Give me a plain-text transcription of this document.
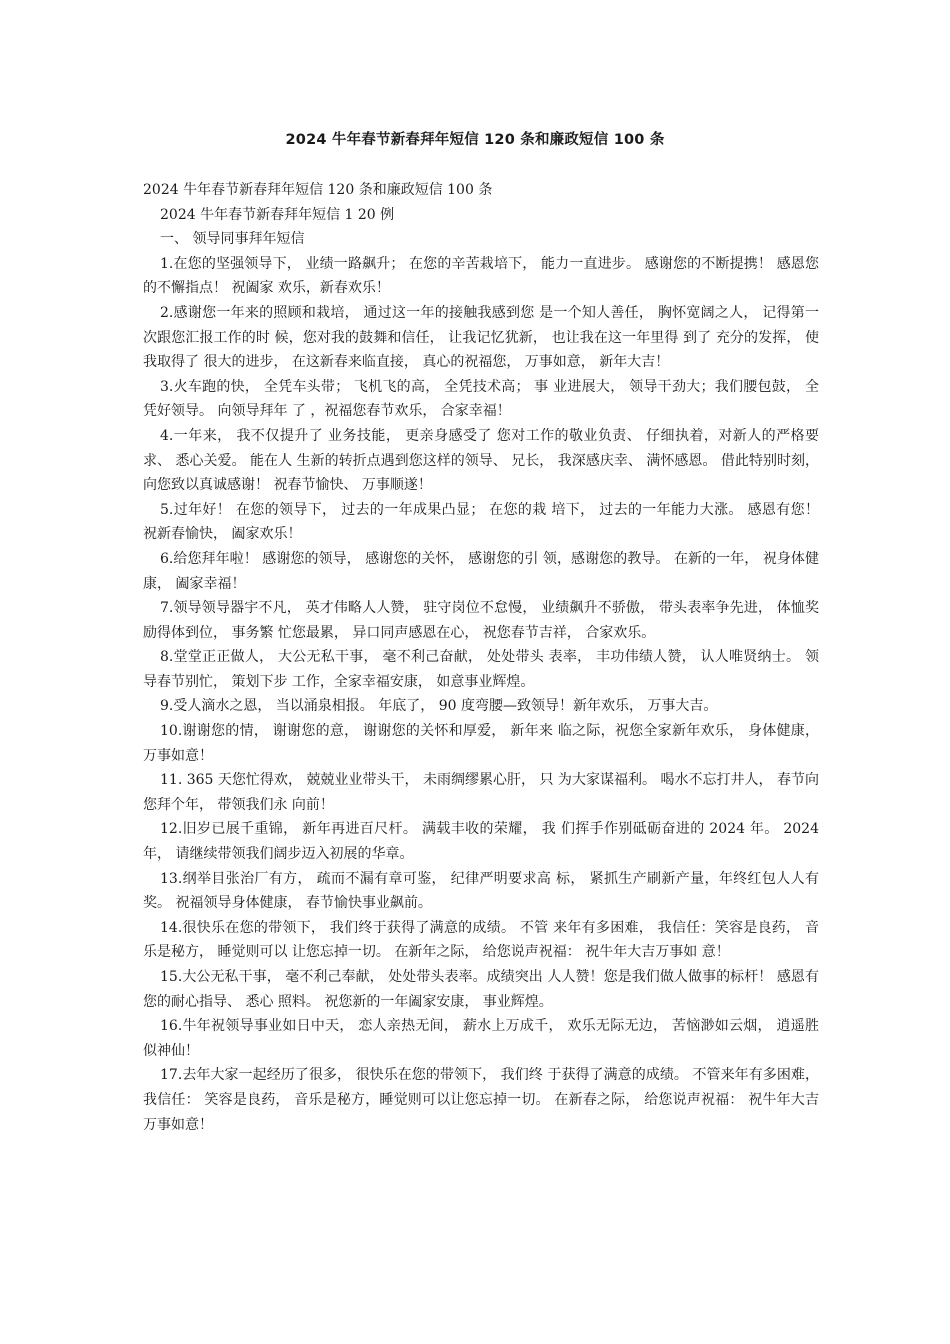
2024 牛年春节新春拜年短信 120 条和廉政短信 100 条

2024 牛年春节新春拜年短信 120 条和廉政短信 100 条

2024 牛年春节新春拜年短信 1 20 例

一、 领导同事拜年短信

1.在您的坚强领导下， 业绩一路飙升； 在您的辛苦栽培下， 能力一直进步。 感谢您的不断提携！ 感恩您的不懈指点！ 祝阖家 欢乐，新春欢乐！

2.感谢您一年来的照顾和栽培， 通过这一年的接触我感到您 是一个知人善任， 胸怀宽阔之人， 记得第一次跟您汇报工作的时 候，您对我的鼓舞和信任， 让我记忆犹新， 也让我在这一年里得 到了 充分的发挥， 使我取得了 很大的进步， 在这新春来临直接， 真心的祝福您， 万事如意， 新年大吉！

3.火车跑的快， 全凭车头带； 飞机飞的高， 全凭技术高； 事 业进展大， 领导干劲大；我们腰包鼓， 全凭好领导。 向领导拜年 了 ，祝福您春节欢乐， 合家幸福！

4.一年来， 我不仅提升了 业务技能， 更亲身感受了 您对工作的敬业负责、 仔细执着，对新人的严格要求、 悉心关爱。 能在人 生新的转折点遇到您这样的领导、 兄长， 我深感庆幸、 满怀感恩。 借此特别时刻， 向您致以真诚感谢！ 祝春节愉快、 万事顺遂！

5.过年好！ 在您的领导下， 过去的一年成果凸显； 在您的栽 培下， 过去的一年能力大涨。 感恩有您！ 祝新春愉快， 阖家欢乐！

6.给您拜年啦！ 感谢您的领导， 感谢您的关怀， 感谢您的引 领，感谢您的教导。 在新的一年， 祝身体健康， 阖家幸福！

7.领导领导器宇不凡， 英才伟略人人赞， 驻守岗位不怠慢， 业绩飙升不骄傲， 带头表率争先进， 体恤奖励得体到位， 事务繁 忙您最累， 异口同声感恩在心， 祝您春节吉祥， 合家欢乐。

8.堂堂正正做人， 大公无私干事， 毫不利己奋献， 处处带头 表率， 丰功伟绩人赞， 认人唯贤纳士。 领导春节别忙， 策划下步 工作，全家幸福安康， 如意事业辉煌。

9.受人滴水之恩， 当以涌泉相报。 年底了， 90 度弯腰—致领导！新年欢乐， 万事大吉。

10.谢谢您的情， 谢谢您的意， 谢谢您的关怀和厚爱， 新年来 临之际，祝您全家新年欢乐， 身体健康， 万事如意！

11. 365 天您忙得欢， 兢兢业业带头干， 未雨绸缪累心肝， 只 为大家谋福利。 喝水不忘打井人， 春节向您拜个年， 带领我们永 向前！

12.旧岁已展千重锦， 新年再进百尺杆。 满载丰收的荣耀， 我 们挥手作别砥砺奋进的 2024 年。 2024 年， 请继续带领我们阔步迈入初展的华章。

13.纲举目张治厂有方， 疏而不漏有章可鉴， 纪律严明要求高 标， 紧抓生产刷新产量，年终红包人人有奖。 祝福领导身体健康， 春节愉快事业飙前。

14.很快乐在您的带领下， 我们终于获得了满意的成绩。 不管 来年有多困难， 我信任：笑容是良药， 音乐是秘方， 睡觉则可以 让您忘掉一切。 在新年之际， 给您说声祝福： 祝牛年大吉万事如 意！

15.大公无私干事， 毫不利己奉献， 处处带头表率。成绩突出 人人赞！您是我们做人做事的标杆！ 感恩有您的耐心指导、 悉心 照料。 祝您新的一年阖家安康， 事业辉煌。

16.牛年祝领导事业如日中天， 恋人亲热无间， 薪水上万成千， 欢乐无际无边， 苦恼渺如云烟， 逍遥胜似神仙！

17.去年大家一起经历了很多， 很快乐在您的带领下， 我们终 于获得了满意的成绩。 不管来年有多困难， 我信任： 笑容是良药， 音乐是秘方，睡觉则可以让您忘掉一切。 在新春之际， 给您说声祝福： 祝牛年大吉万事如意！
